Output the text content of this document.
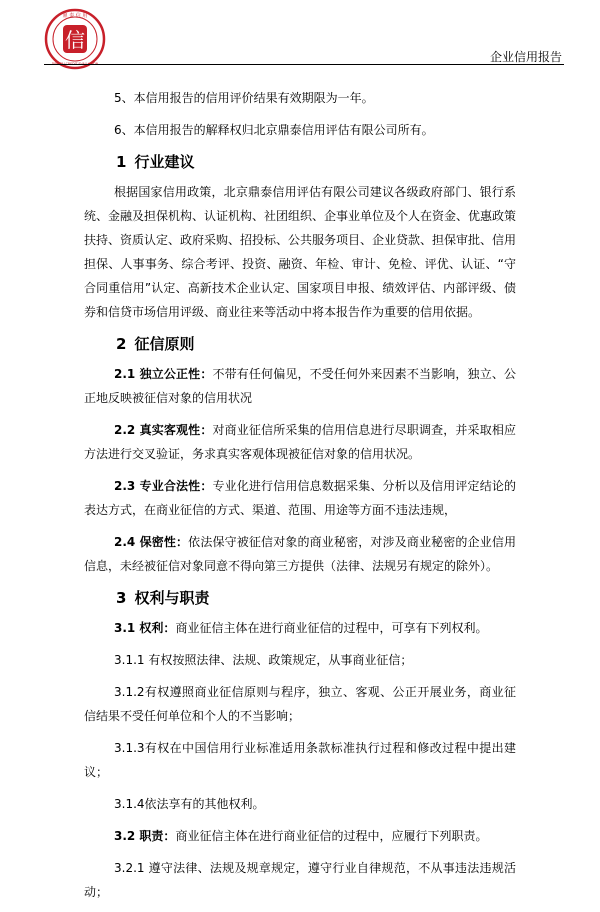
信
鼎 泰 信 用
DINGTAI CREDIT EVALUATION	企业信用报告

5、本信用报告的信用评价结果有效期限为一年。

6、本信用报告的解释权归北京鼎泰信用评估有限公司所有。

1 行业建议

根据国家信用政策，北京鼎泰信用评估有限公司建议各级政府部门、银行系统、金融及担保机构、认证机构、社团组织、企事业单位及个人在资金、优惠政策扶持、资质认定、政府采购、招投标、公共服务项目、企业贷款、担保审批、信用担保、人事事务、综合考评、投资、融资、年检、审计、免检、评优、认证、“守合同重信用”认定、高新技术企业认定、国家项目申报、绩效评估、内部评级、债券和信贷市场信用评级、商业往来等活动中将本报告作为重要的信用依据。

2 征信原则

2.1 独立公正性：不带有任何偏见，不受任何外来因素不当影响，独立、公正地反映被征信对象的信用状况

2.2 真实客观性：对商业征信所采集的信用信息进行尽职调查，并采取相应方法进行交叉验证，务求真实客观体现被征信对象的信用状况。

2.3 专业合法性：专业化进行信用信息数据采集、分析以及信用评定结论的表达方式，在商业征信的方式、渠道、范围、用途等方面不违法违规，

2.4 保密性：依法保守被征信对象的商业秘密，对涉及商业秘密的企业信用信息，未经被征信对象同意不得向第三方提供（法律、法规另有规定的除外）。

3 权利与职责

3.1 权利：商业征信主体在进行商业征信的过程中，可享有下列权利。

3.1.1 有权按照法律、法规、政策规定，从事商业征信；

3.1.2有权遵照商业征信原则与程序，独立、客观、公正开展业务，商业征信结果不受任何单位和个人的不当影响；

3.1.3有权在中国信用行业标准适用条款标准执行过程和修改过程中提出建议；

3.1.4依法享有的其他权利。

3.2 职责：商业征信主体在进行商业征信的过程中，应履行下列职责。

3.2.1 遵守法律、法规及规章规定，遵守行业自律规范，不从事违法违规活动；
